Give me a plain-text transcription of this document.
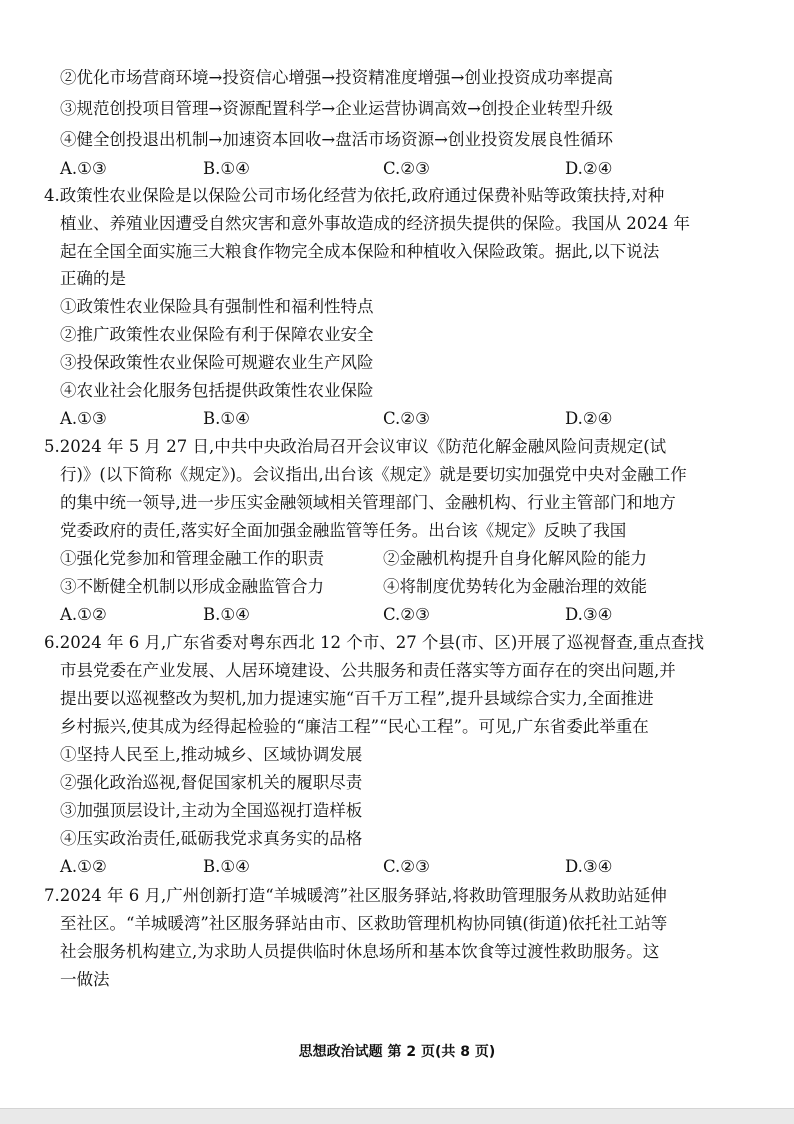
②优化市场营商环境→投资信心增强→投资精准度增强→创业投资成功率提高
③规范创投项目管理→资源配置科学→企业运营协调高效→创投企业转型升级
④健全创投退出机制→加速资本回收→盘活市场资源→创业投资发展良性循环
A.①③	B.①④	C.②③	D.②④
4.政策性农业保险是以保险公司市场化经营为依托,政府通过保费补贴等政策扶持,对种
植业、养殖业因遭受自然灾害和意外事故造成的经济损失提供的保险。我国从 2024 年
起在全国全面实施三大粮食作物完全成本保险和种植收入保险政策。据此,以下说法
正确的是
①政策性农业保险具有强制性和福利性特点
②推广政策性农业保险有利于保障农业安全
③投保政策性农业保险可规避农业生产风险
④农业社会化服务包括提供政策性农业保险
A.①③	B.①④	C.②③	D.②④
5.2024 年 5 月 27 日,中共中央政治局召开会议审议《防范化解金融风险问责规定(试
行)》(以下简称《规定》)。会议指出,出台该《规定》就是要切实加强党中央对金融工作
的集中统一领导,进一步压实金融领域相关管理部门、金融机构、行业主管部门和地方
党委政府的责任,落实好全面加强金融监管等任务。出台该《规定》反映了我国
①强化党参加和管理金融工作的职责	②金融机构提升自身化解风险的能力
③不断健全机制以形成金融监管合力	④将制度优势转化为金融治理的效能
A.①②	B.①④	C.②③	D.③④
6.2024 年 6 月,广东省委对粤东西北 12 个市、27 个县(市、区)开展了巡视督查,重点查找
市县党委在产业发展、人居环境建设、公共服务和责任落实等方面存在的突出问题,并
提出要以巡视整改为契机,加力提速实施“百千万工程”,提升县域综合实力,全面推进
乡村振兴,使其成为经得起检验的“廉洁工程”“民心工程”。可见,广东省委此举重在
①坚持人民至上,推动城乡、区域协调发展
②强化政治巡视,督促国家机关的履职尽责
③加强顶层设计,主动为全国巡视打造样板
④压实政治责任,砥砺我党求真务实的品格
A.①②	B.①④	C.②③	D.③④
7.2024 年 6 月,广州创新打造“羊城暖湾”社区服务驿站,将救助管理服务从救助站延伸
至社区。“羊城暖湾”社区服务驿站由市、区救助管理机构协同镇(街道)依托社工站等
社会服务机构建立,为求助人员提供临时休息场所和基本饮食等过渡性救助服务。这
一做法
思想政治试题 第 2 页(共 8 页)
